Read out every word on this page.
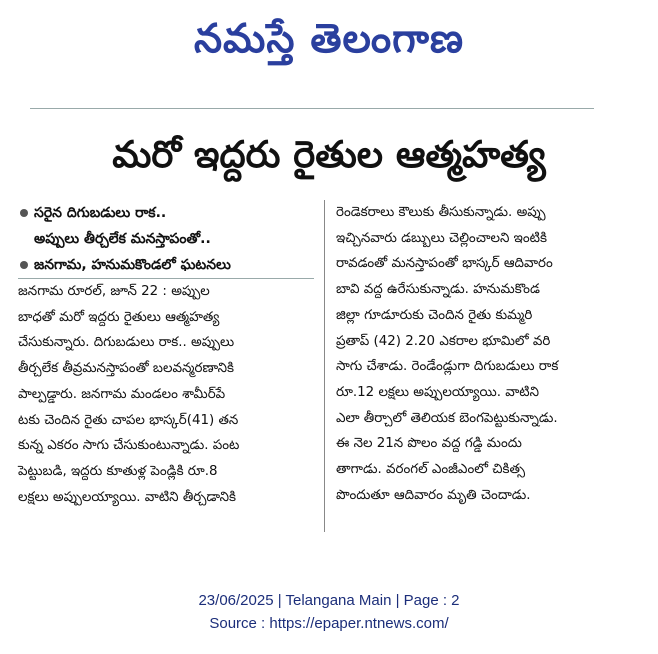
నమస్తే తెలంగాణ
మరో ఇద్దరు రైతుల ఆత్మహత్య
సరైన దిగుబడులు రాక..
అప్పులు తీర్చలేక మనస్తాపంతో..
జనగామ, హనుమకొండలో ఘటనలు
జనగామ రూరల్, జూన్ 22 : అప్పుల
బాధతో మరో ఇద్దరు రైతులు ఆత్మహత్య
చేసుకున్నారు. దిగుబడులు రాక.. అప్పులు
తీర్చలేక తీవ్రమనస్తాపంతో బలవన్మరణానికి
పాల్పడ్డారు. జనగామ మండలం శామీర్‌పే
టకు చెందిన రైతు చాపల భాస్కర్(41) తన
కున్న ఎకరం సాగు చేసుకుంటున్నాడు. పంట
పెట్టుబడి, ఇద్దరు కూతుళ్ల పెండ్లికి రూ.8
లక్షలు అప్పులయ్యాయి. వాటిని తీర్చడానికి
రెండెకరాలు కౌలుకు తీసుకున్నాడు. అప్పు
ఇచ్చినవారు డబ్బులు చెల్లించాలని ఇంటికి
రావడంతో మనస్తాపంతో భాస్కర్ ఆదివారం
బావి వద్ద ఉరేసుకున్నాడు. హనుమకొండ
జిల్లా గూడూరుకు చెందిన రైతు కుమ్మరి
ప్రతాప్ (42) 2.20 ఎకరాల భూమిలో వరి
సాగు చేశాడు. రెండేండ్లుగా దిగుబడులు రాక
రూ.12 లక్షలు అప్పులయ్యాయి. వాటిని
ఎలా తీర్చాలో తెలియక బెంగపెట్టుకున్నాడు.
ఈ నెల 21న పొలం వద్ద గడ్డి మందు
తాగాడు. వరంగల్ ఎంజీఎంలో చికిత్స
పొందుతూ ఆదివారం మృతి చెందాడు.
23/06/2025 | Telangana Main | Page : 2
Source : https://epaper.ntnews.com/
